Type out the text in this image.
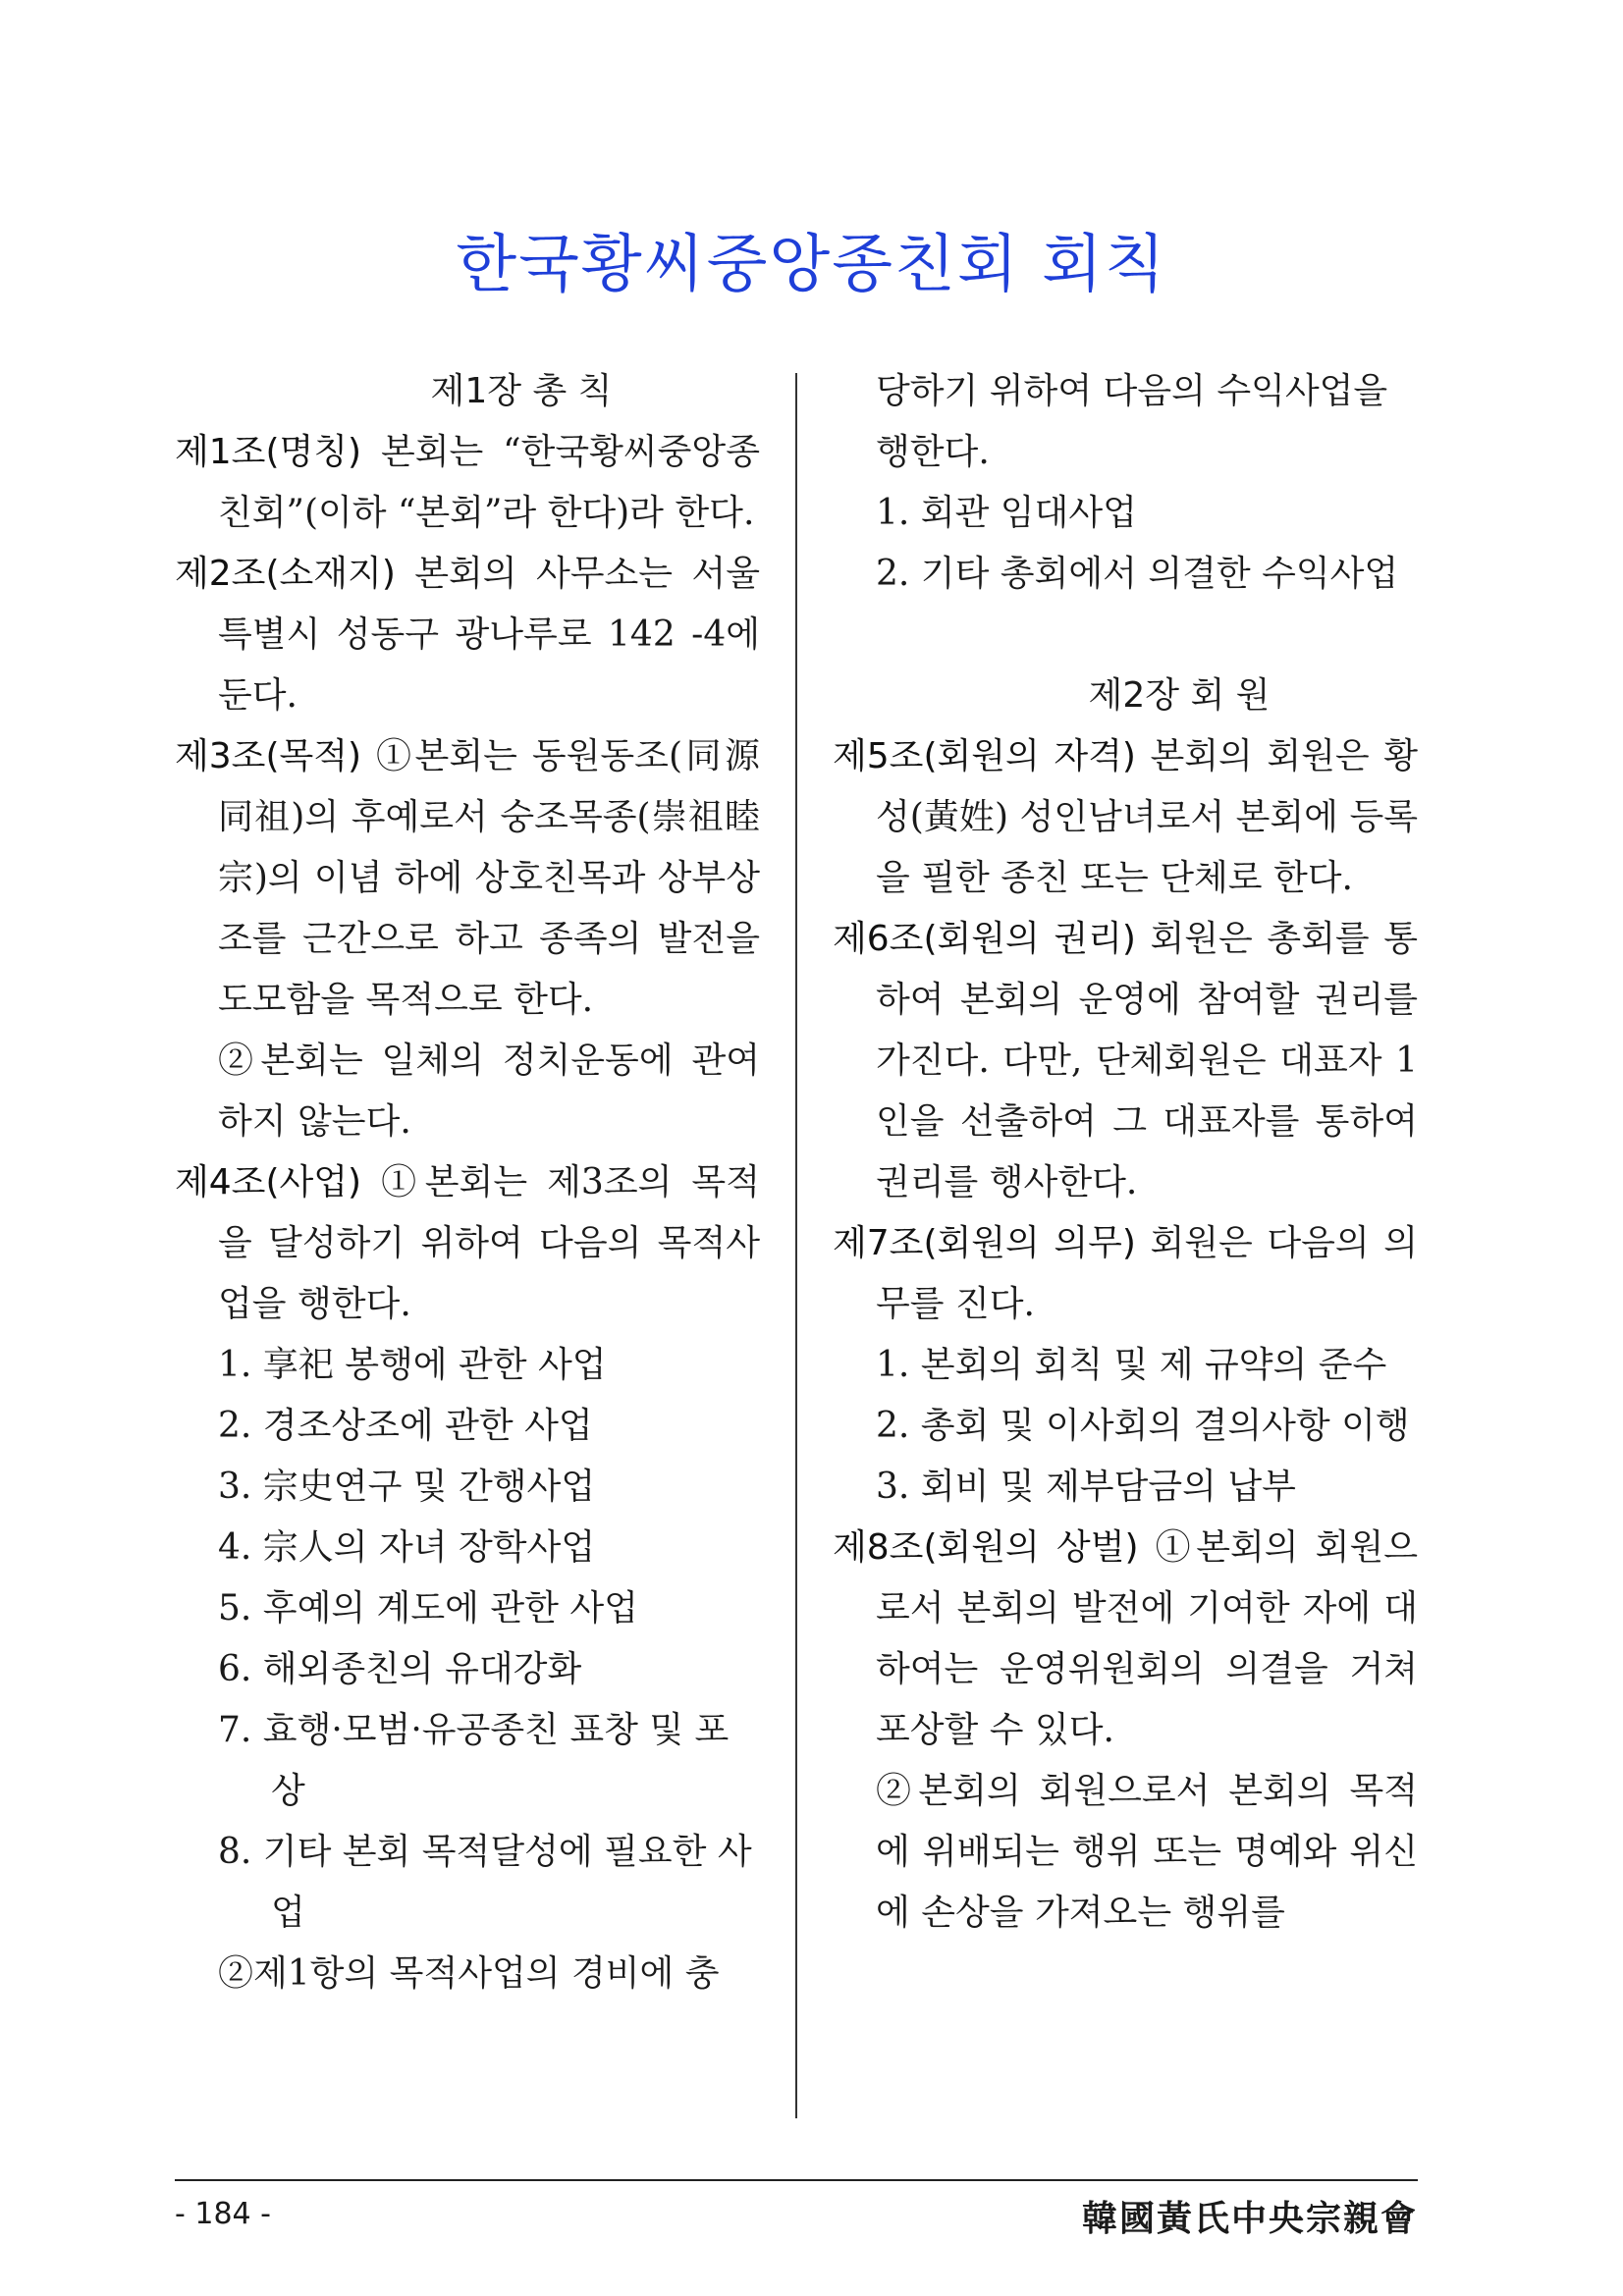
한국황씨중앙종친회 회칙
제1장 총 칙

제1조(명칭) 본회는 “한국황씨중앙종친회”(이하 “본회”라 한다)라 한다.

제2조(소재지) 본회의 사무소는 서울특별시 성동구 광나루로 142 -4에 둔다.

제3조(목적) ①본회는 동원동조(同源同祖)의 후예로서 숭조목종(崇祖睦宗)의 이념 하에 상호친목과 상부상조를 근간으로 하고 종족의 발전을 도모함을 목적으로 한다.

②본회는 일체의 정치운동에 관여하지 않는다.

제4조(사업) ①본회는 제3조의 목적을 달성하기 위하여 다음의 목적사업을 행한다.

1. 享祀 봉행에 관한 사업

2. 경조상조에 관한 사업

3. 宗史연구 및 간행사업

4. 宗人의 자녀 장학사업

5. 후예의 계도에 관한 사업

6. 해외종친의 유대강화

7. 효행·모범·유공종친 표창 및 포상

8. 기타 본회 목적달성에 필요한 사업

②제1항의 목적사업의 경비에 충

당하기 위하여 다음의 수익사업을 행한다.

1. 회관 임대사업

2. 기타 총회에서 의결한 수익사업

제2장 회 원

제5조(회원의 자격) 본회의 회원은 황성(黃姓) 성인남녀로서 본회에 등록을 필한 종친 또는 단체로 한다.

제6조(회원의 권리) 회원은 총회를 통하여 본회의 운영에 참여할 권리를 가진다. 다만, 단체회원은 대표자 1인을 선출하여 그 대표자를 통하여 권리를 행사한다.

제7조(회원의 의무) 회원은 다음의 의무를 진다.

1. 본회의 회칙 및 제 규약의 준수

2. 총회 및 이사회의 결의사항 이행

3. 회비 및 제부담금의 납부

제8조(회원의 상벌) ①본회의 회원으로서 본회의 발전에 기여한 자에 대하여는 운영위원회의 의결을 거쳐 포상할 수 있다.

②본회의 회원으로서 본회의 목적에 위배되는 행위 또는 명예와 위신에 손상을 가져오는 행위를

- 184 -	韓國黃氏中央宗親會
